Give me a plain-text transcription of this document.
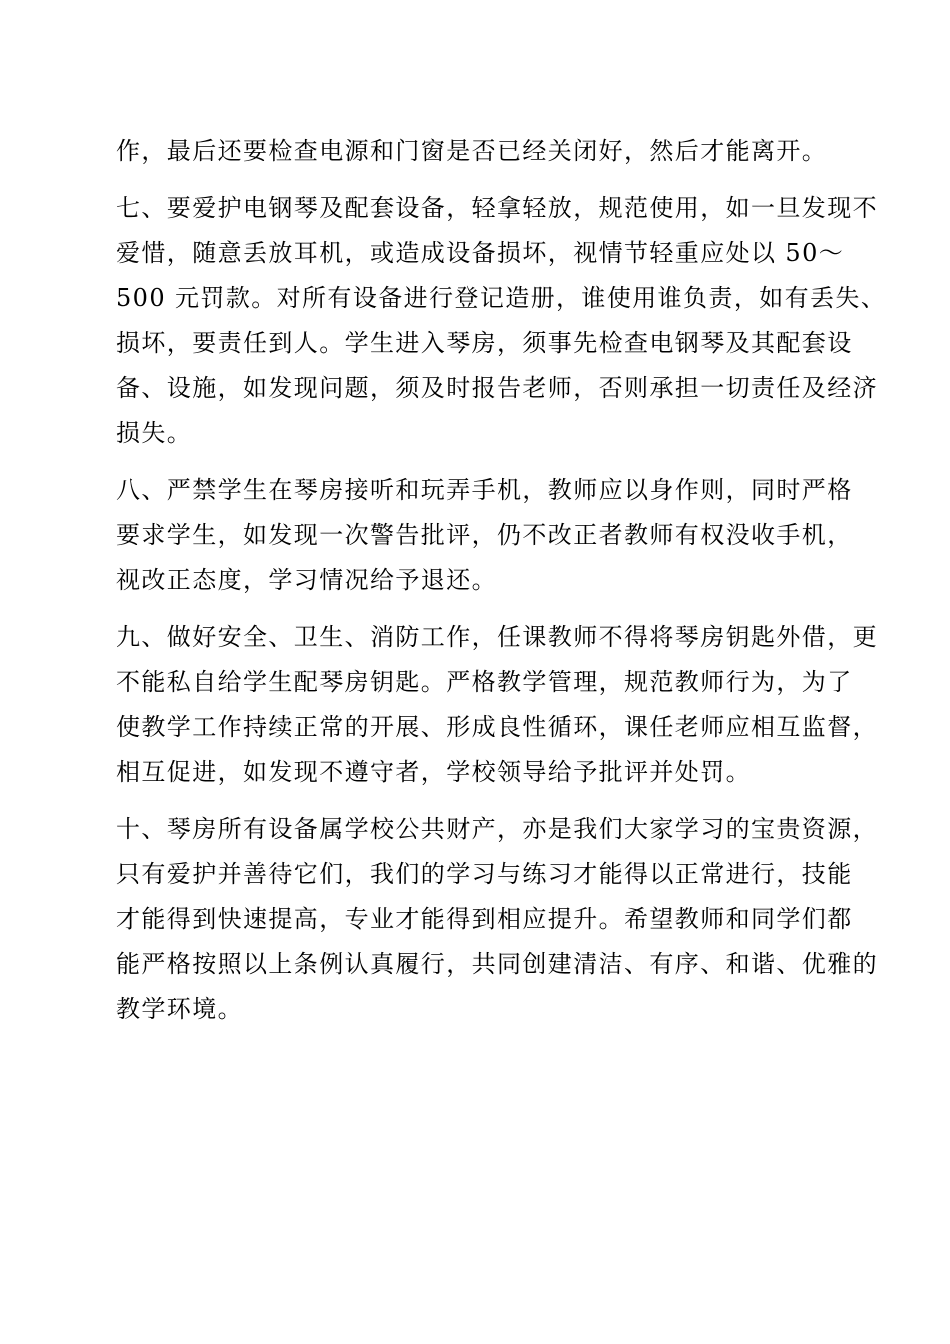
作，最后还要检查电源和门窗是否已经关闭好，然后才能离开。

七、要爱护电钢琴及配套设备，轻拿轻放，规范使用，如一旦发现不
爱惜，随意丢放耳机，或造成设备损坏，视情节轻重应处以 50～
500 元罚款。对所有设备进行登记造册，谁使用谁负责，如有丢失、
损坏，要责任到人。学生进入琴房，须事先检查电钢琴及其配套设
备、设施，如发现问题，须及时报告老师，否则承担一切责任及经济
损失。

八、严禁学生在琴房接听和玩弄手机，教师应以身作则，同时严格
要求学生，如发现一次警告批评，仍不改正者教师有权没收手机，
视改正态度，学习情况给予退还。

九、做好安全、卫生、消防工作，任课教师不得将琴房钥匙外借，更
不能私自给学生配琴房钥匙。严格教学管理，规范教师行为，为了
使教学工作持续正常的开展、形成良性循环，课任老师应相互监督，
相互促进，如发现不遵守者，学校领导给予批评并处罚。

十、琴房所有设备属学校公共财产，亦是我们大家学习的宝贵资源，
只有爱护并善待它们，我们的学习与练习才能得以正常进行，技能
才能得到快速提高，专业才能得到相应提升。希望教师和同学们都
能严格按照以上条例认真履行，共同创建清洁、有序、和谐、优雅的
教学环境。
